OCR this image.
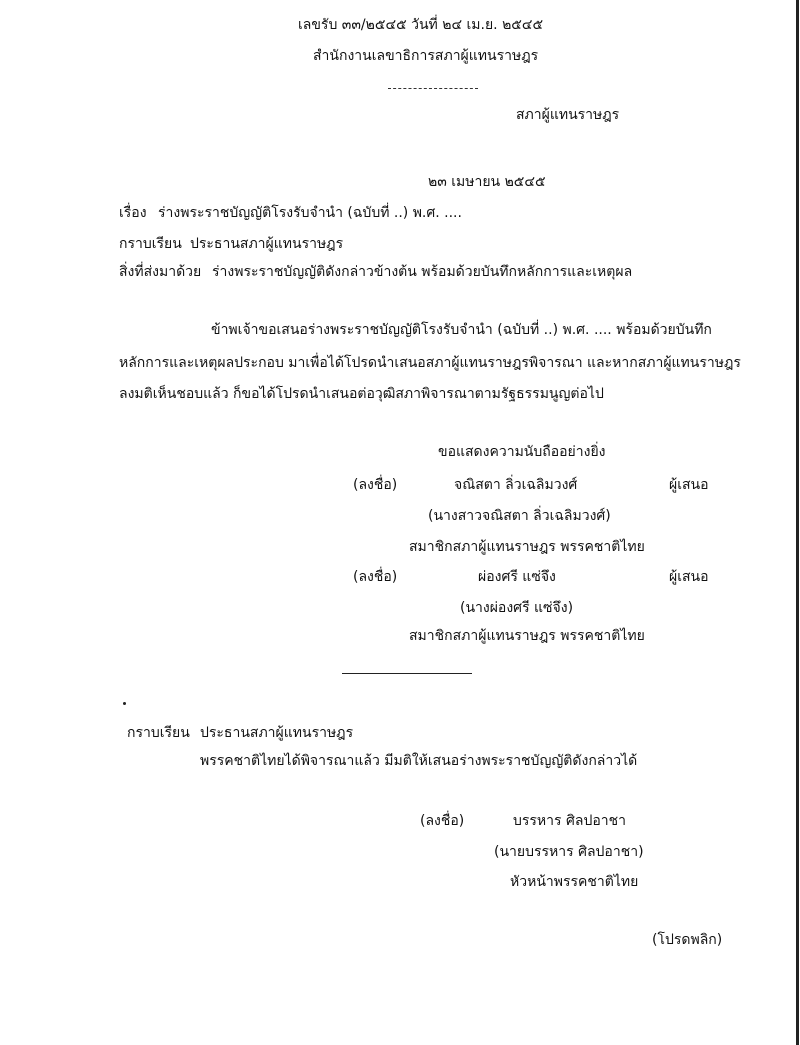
เลขรับ ๓๓/๒๕๔๕ วันที่ ๒๔ เม.ย. ๒๕๔๕
สำนักงานเลขาธิการสภาผู้แทนราษฎร
สภาผู้แทนราษฎร
๒๓ เมษายน ๒๕๔๕
เรื่อง ร่างพระราชบัญญัติโรงรับจำนำ (ฉบับที่ ..) พ.ศ. ....
กราบเรียน ประธานสภาผู้แทนราษฎร
สิ่งที่ส่งมาด้วย ร่างพระราชบัญญัติดังกล่าวข้างต้น พร้อมด้วยบันทึกหลักการและเหตุผล
ข้าพเจ้าขอเสนอร่างพระราชบัญญัติโรงรับจำนำ (ฉบับที่ ..) พ.ศ. .... พร้อมด้วยบันทึก
หลักการและเหตุผลประกอบ มาเพื่อได้โปรดนำเสนอสภาผู้แทนราษฎรพิจารณา และหากสภาผู้แทนราษฎร
ลงมติเห็นชอบแล้ว ก็ขอได้โปรดนำเสนอต่อวุฒิสภาพิจารณาตามรัฐธรรมนูญต่อไป
ขอแสดงความนับถืออย่างยิ่ง
(ลงชื่อ)	จณิสตา ลิ่วเฉลิมวงศ์	ผู้เสนอ
(นางสาวจณิสตา ลิ่วเฉลิมวงศ์)
สมาชิกสภาผู้แทนราษฎร พรรคชาติไทย
(ลงชื่อ)	ผ่องศรี แซ่จึง	ผู้เสนอ
(นางผ่องศรี แซ่จึง)
สมาชิกสภาผู้แทนราษฎร พรรคชาติไทย
กราบเรียน ประธานสภาผู้แทนราษฎร
พรรคชาติไทยได้พิจารณาแล้ว มีมติให้เสนอร่างพระราชบัญญัติดังกล่าวได้
(ลงชื่อ)	บรรหาร ศิลปอาชา
(นายบรรหาร ศิลปอาชา)
หัวหน้าพรรคชาติไทย
(โปรดพลิก)
